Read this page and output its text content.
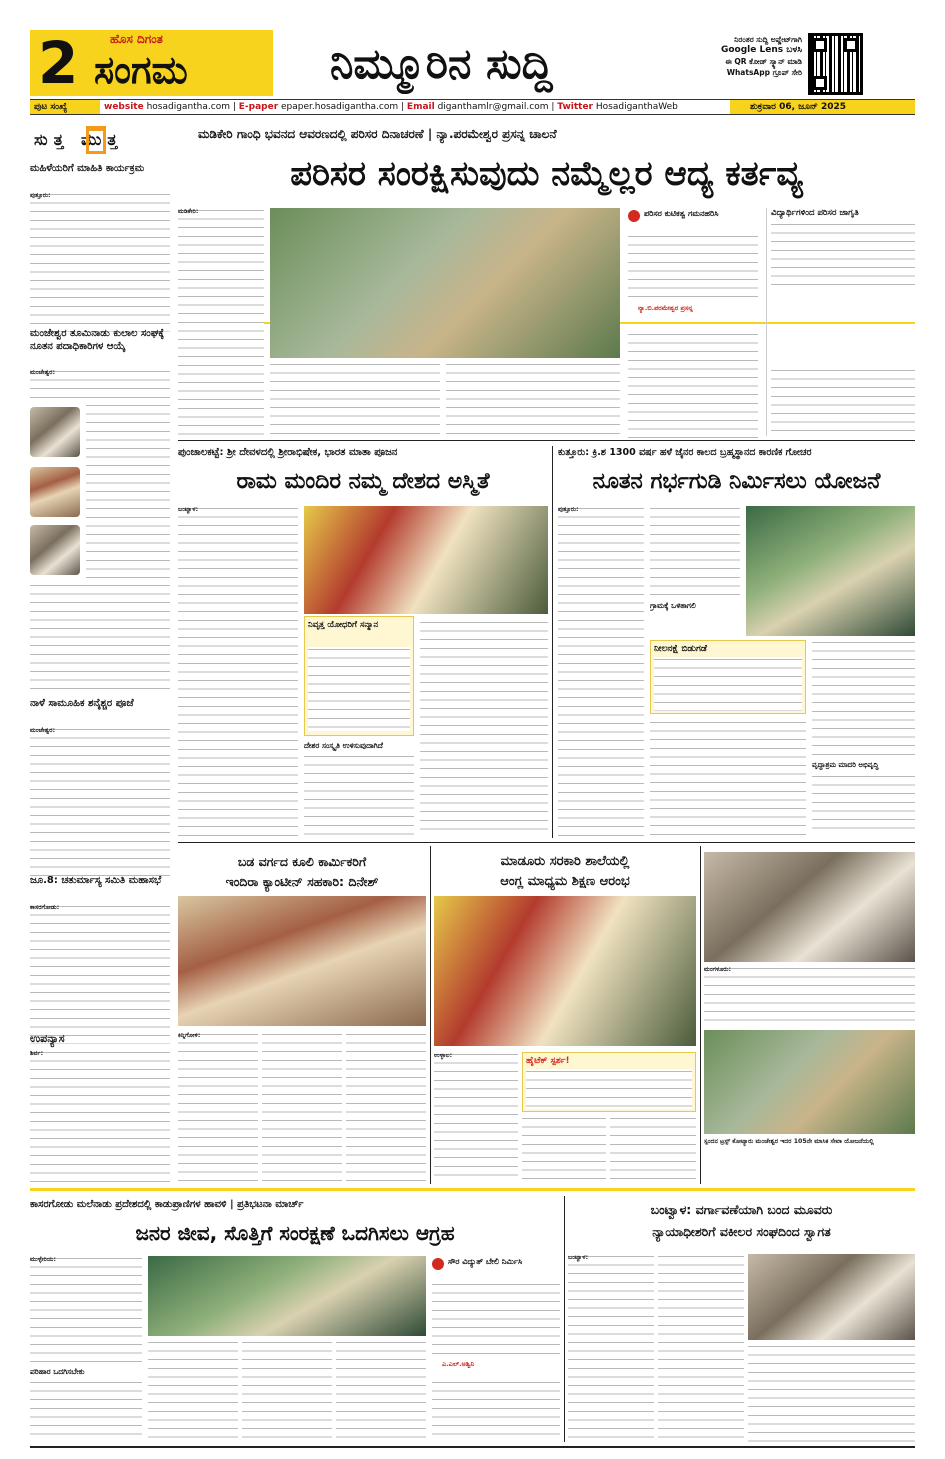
2	ಹೊಸ ದಿಗಂತ
ಸಂಗಮ	ನಿಮ್ಮೂರಿನ ಸುದ್ದಿ	ನಿರಂತರ ಸುದ್ದಿ ಅಪ್ಡೇಟ್‌ಗಾಗಿ
Google Lens ಬಳಸಿ
ಈ QR ಕೋಡ್ ಸ್ಕ್ಯಾನ್ ಮಾಡಿ
WhatsApp ಗ್ರೂಪ್ ಸೇರಿ
ಪುಟ ಸಂಖ್ಯೆ	website hosadigantha.com | E-paper epaper.hosadigantha.com | Email diganthamlr@gmail.com | Twitter HosadiganthaWeb	ಶುಕ್ರವಾರ 06, ಜೂನ್ 2025
ಸುತ್ತ ಮುತ್ತ
ಮಹಿಳೆಯರಿಗೆ ಮಾಹಿತಿ ಕಾರ್ಯಕ್ರಮ
ಪುತ್ತೂರು:
ಮಂಜೇಶ್ವರ ತೂಮಿನಾಡು ಕುಲಾಲ ಸಂಘಕ್ಕೆ ನೂತನ ಪದಾಧಿಕಾರಿಗಳ ಆಯ್ಕೆ
ಮಂಜೇಶ್ವರ:
ನಾಳೆ ಸಾಮೂಹಿಕ ಶನೈಶ್ಚರ ಪೂಜೆ
ಮಂಜೇಶ್ವರ:
ಜೂ.8: ಚತುರ್ಮಾಸ್ಯ ಸಮಿತಿ ಮಹಾಸಭೆ
ಕಾಸರಗೋಡು:
ಉಪನ್ಯಾಸ
ಶಿರ್ವ:
ಮಡಿಕೇರಿ ಗಾಂಧಿ ಭವನದ ಆವರಣದಲ್ಲಿ ಪರಿಸರ ದಿನಾಚರಣೆ | ನ್ಯಾ.ಪರಮೇಶ್ವರ ಪ್ರಸನ್ನ ಚಾಲನೆ
ಪರಿಸರ ಸಂರಕ್ಷಿಸುವುದು ನಮ್ಮೆಲ್ಲರ ಆದ್ಯ ಕರ್ತವ್ಯ
ಮಡಿಕೇರಿ:	ಪರಿಸರ ಕುಟಿಕತ್ವ ಗಮನಹರಿಸಿ
ನ್ಯಾ.ಬಿ.ಪರಮೇಶ್ವರ ಪ್ರಸನ್ನ
ವಿದ್ಯಾರ್ಥಿಗಳಿಂದ ಪರಿಸರ ಜಾಗೃತಿ
ಪುಂಜಾಲಕಟ್ಟೆ: ಶ್ರೀ ದೇವಳದಲ್ಲಿ ಶ್ರೀರಾಭಿಷೇಕ, ಭಾರತ ಮಾತಾ ಪೂಜನ
ರಾಮ ಮಂದಿರ ನಮ್ಮ ದೇಶದ ಅಸ್ಮಿತೆ
ಬಂಟ್ವಾಳ:
ನಿವೃತ್ತ ಯೋಧರಿಗೆ ಸನ್ಮಾನ
ದೇಶರ ಸಂಸ್ಕೃತಿ ಉಳಿಸುವುದಾಗಿದೆ
ಕುತ್ತೂರು: ಕ್ರಿ.ಶ 1300 ವರ್ಷ ಹಳೆ ಜೈನರ ಕಾಲದ ಬ್ರಹ್ಮಸ್ಥಾನದ ಕಾರಣಿಕ ಗೋಚರ
ನೂತನ ಗರ್ಭಗುಡಿ ನಿರ್ಮಿಸಲು ಯೋಜನೆ
ಪುತ್ತೂರು:
ಗ್ರಾಮಕ್ಕೆ ಒಳಿತಾಗಲಿ
ನೀಲನಕ್ಷೆ ಬಿಡುಗಡೆ
ವೃದ್ಧಾಶ್ರಮ ಮಾದರಿ ಅಭಿವೃದ್ಧಿ
ಬಡ ವರ್ಗದ ಕೂಲಿ ಕಾರ್ಮಿಕರಿಗೆ
ಇಂದಿರಾ ಕ್ಯಾಂಟೀನ್ ಸಹಕಾರಿ: ದಿನೇಶ್
ಕಿನ್ನಿಗೋಳಿ:
ಮಾಡೂರು ಸರಕಾರಿ ಶಾಲೆಯಲ್ಲಿ
ಆಂಗ್ಲ ಮಾಧ್ಯಮ ಶಿಕ್ಷಣ ಆರಂಭ
ಉಳ್ಳಾಲ:
ಹೈಟೆಕ್ ಸ್ಪರ್ಶ!
ಮಂಗಳೂರು:
ಸ್ಪಂದನ ಟ್ರಸ್ಟ್ ಕೋಟ್ಯಾರು ಮಂಜೇಶ್ವರ ಇದರ 105ನೇ ಮಾಸಿಕ ಸೇವಾ ಯೋಜನೆಯಲ್ಲಿ
ಕಾಸರಗೋಡು ಮಲೆನಾಡು ಪ್ರದೇಶದಲ್ಲಿ ಕಾಡುಪ್ರಾಣಿಗಳ ಹಾವಳಿ | ಪ್ರತಿಭಟನಾ ಮಾರ್ಚ್
ಜನರ ಜೀವ, ಸೊತ್ತಿಗೆ ಸಂರಕ್ಷಣೆ ಒದಗಿಸಲು ಆಗ್ರಹ
ಮುಳ್ಳೇರಿಯ:
ಪರಿಹಾರ ಒದಗಿಸಬೇಕು
ಸೌರ ವಿದ್ಯುತ್ ಬೇಲಿ ನಿರ್ಮಿಸಿ
ಎ.ಎಲ್.ಅಶ್ವಿನಿ
ಬಂಟ್ವಾಳ: ವರ್ಗಾವಣೆಯಾಗಿ ಬಂದ ಮೂವರು
ನ್ಯಾಯಾಧೀಶರಿಗೆ ವಕೀಲರ ಸಂಘದಿಂದ ಸ್ವಾಗತ
ಬಂಟ್ವಾಳ:
